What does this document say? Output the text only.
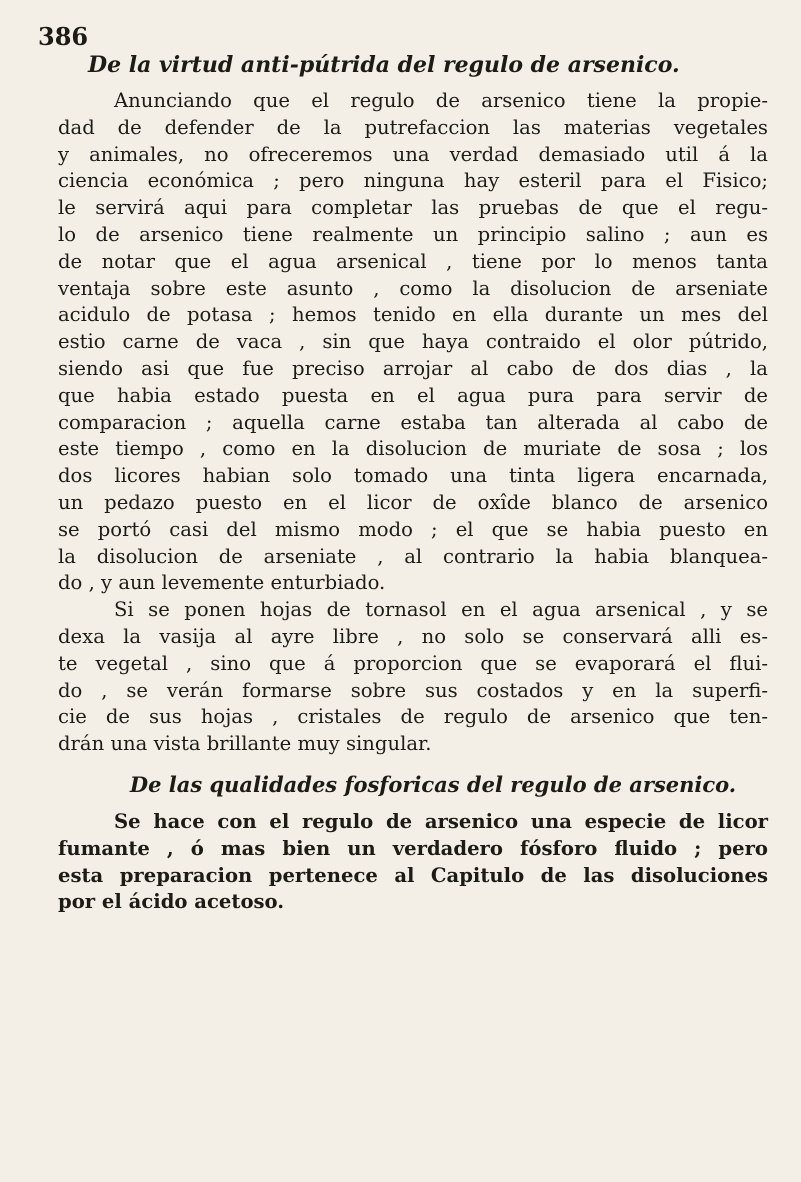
386
De la virtud anti-pútrida del regulo de arsenico.

Anunciando que el regulo de arsenico tiene la propie-
dad de defender de la putrefaccion las materias vegetales
y animales, no ofreceremos una verdad demasiado util á la
ciencia económica ; pero ninguna hay esteril para el Fisico;
le servirá aqui para completar las pruebas de que el regu-
lo de arsenico tiene realmente un principio salino ; aun es
de notar que el agua arsenical , tiene por lo menos tanta
ventaja sobre este asunto , como la disolucion de arseniate
acidulo de potasa ; hemos tenido en ella durante un mes del
estio carne de vaca , sin que haya contraido el olor pútrido,
siendo asi que fue preciso arrojar al cabo de dos dias , la
que habia estado puesta en el agua pura para servir de
comparacion ; aquella carne estaba tan alterada al cabo de
este tiempo , como en la disolucion de muriate de sosa ; los
dos licores habian solo tomado una tinta ligera encarnada,
un pedazo puesto en el licor de oxîde blanco de arsenico
se portó casi del mismo modo ; el que se habia puesto en
la disolucion de arseniate , al contrario la habia blanquea-
do , y aun levemente enturbiado.

Si se ponen hojas de tornasol en el agua arsenical , y se
dexa la vasija al ayre libre , no solo se conservará alli es-
te vegetal , sino que á proporcion que se evaporará el flui-
do , se verán formarse sobre sus costados y en la superfi-
cie de sus hojas , cristales de regulo de arsenico que ten-
drán una vista brillante muy singular.

De las qualidades fosforicas del regulo de arsenico.

Se hace con el regulo de arsenico una especie de licor
fumante , ó mas bien un verdadero fósforo fluido ; pero
esta preparacion pertenece al Capitulo de las disoluciones
por el ácido acetoso.
